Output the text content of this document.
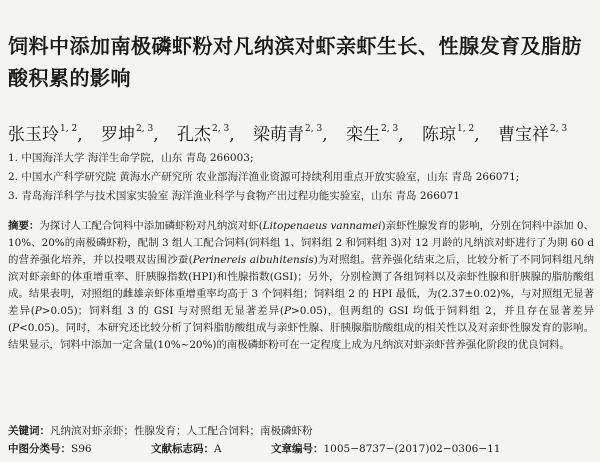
饲料中添加南极磷虾粉对凡纳滨对虾亲虾生长、性腺发育及脂肪酸积累的影响
张玉玲$^{1, 2}$, 罗坤$^{2, 3}$, 孔杰$^{2, 3}$, 梁萌青$^{2, 3}$, 栾生$^{2, 3}$, 陈琼$^{1, 2}$, 曹宝祥$^{2, 3}$
1. 中国海洋大学 海洋生命学院，山东 青岛 266003;
2. 中国水产科学研究院 黄海水产研究所 农业部海洋渔业资源可持续利用重点开放实验室，山东 青岛 266071;
3. 青岛海洋科学与技术国家实验室 海洋渔业科学与食物产出过程功能实验室，山东 青岛 266071
摘要：为探讨人工配合饲料中添加磷虾粉对凡纳滨对虾(Litopenaeus vannamei)亲虾性腺发育的影响，分别在饲料中添加 0、10%、20%的南极磷虾粉，配制 3 组人工配合饲料(饲料组 1、饲料组 2 和饲料组 3)对 12 月龄的凡纳滨对虾进行了为期 60 d 的营养强化培养，并以投喂双齿围沙蚕(Perinereis aibuhitensis)为对照组。营养强化结束之后，比较分析了不同饲料组凡纳滨对虾亲虾的体重增重率、肝胰腺指数(HPI)和性腺指数(GSI)；另外，分别检测了各组饲料以及亲虾性腺和肝胰腺的脂肪酸组成。结果表明，对照组的雌雄亲虾体重增重率均高于 3 个饲料组；饲料组 2 的 HPI 最低，为(2.37±0.02)%，与对照组无显著差异(P>0.05)；饲料组 3 的 GSI 与对照组无显著差异(P>0.05)，但两组的 GSI 均低于饲料组 2，并且存在显著差异(P<0.05)。同时，本研究还比较分析了饲料脂肪酸组成与亲虾性腺、肝胰腺脂肪酸组成的相关性以及对亲虾性腺发育的影响。结果显示，饲料中添加一定含量(10%~20%)的南极磷虾粉可在一定程度上成为凡纳滨对虾亲虾营养强化阶段的优良饲料。
关键词：凡纳滨对虾亲虾；性腺发育；人工配合饲料；南极磷虾粉
中图分类号：S96	文献标志码：A	文章编号：1005−8737−(2017)02−0306−11
